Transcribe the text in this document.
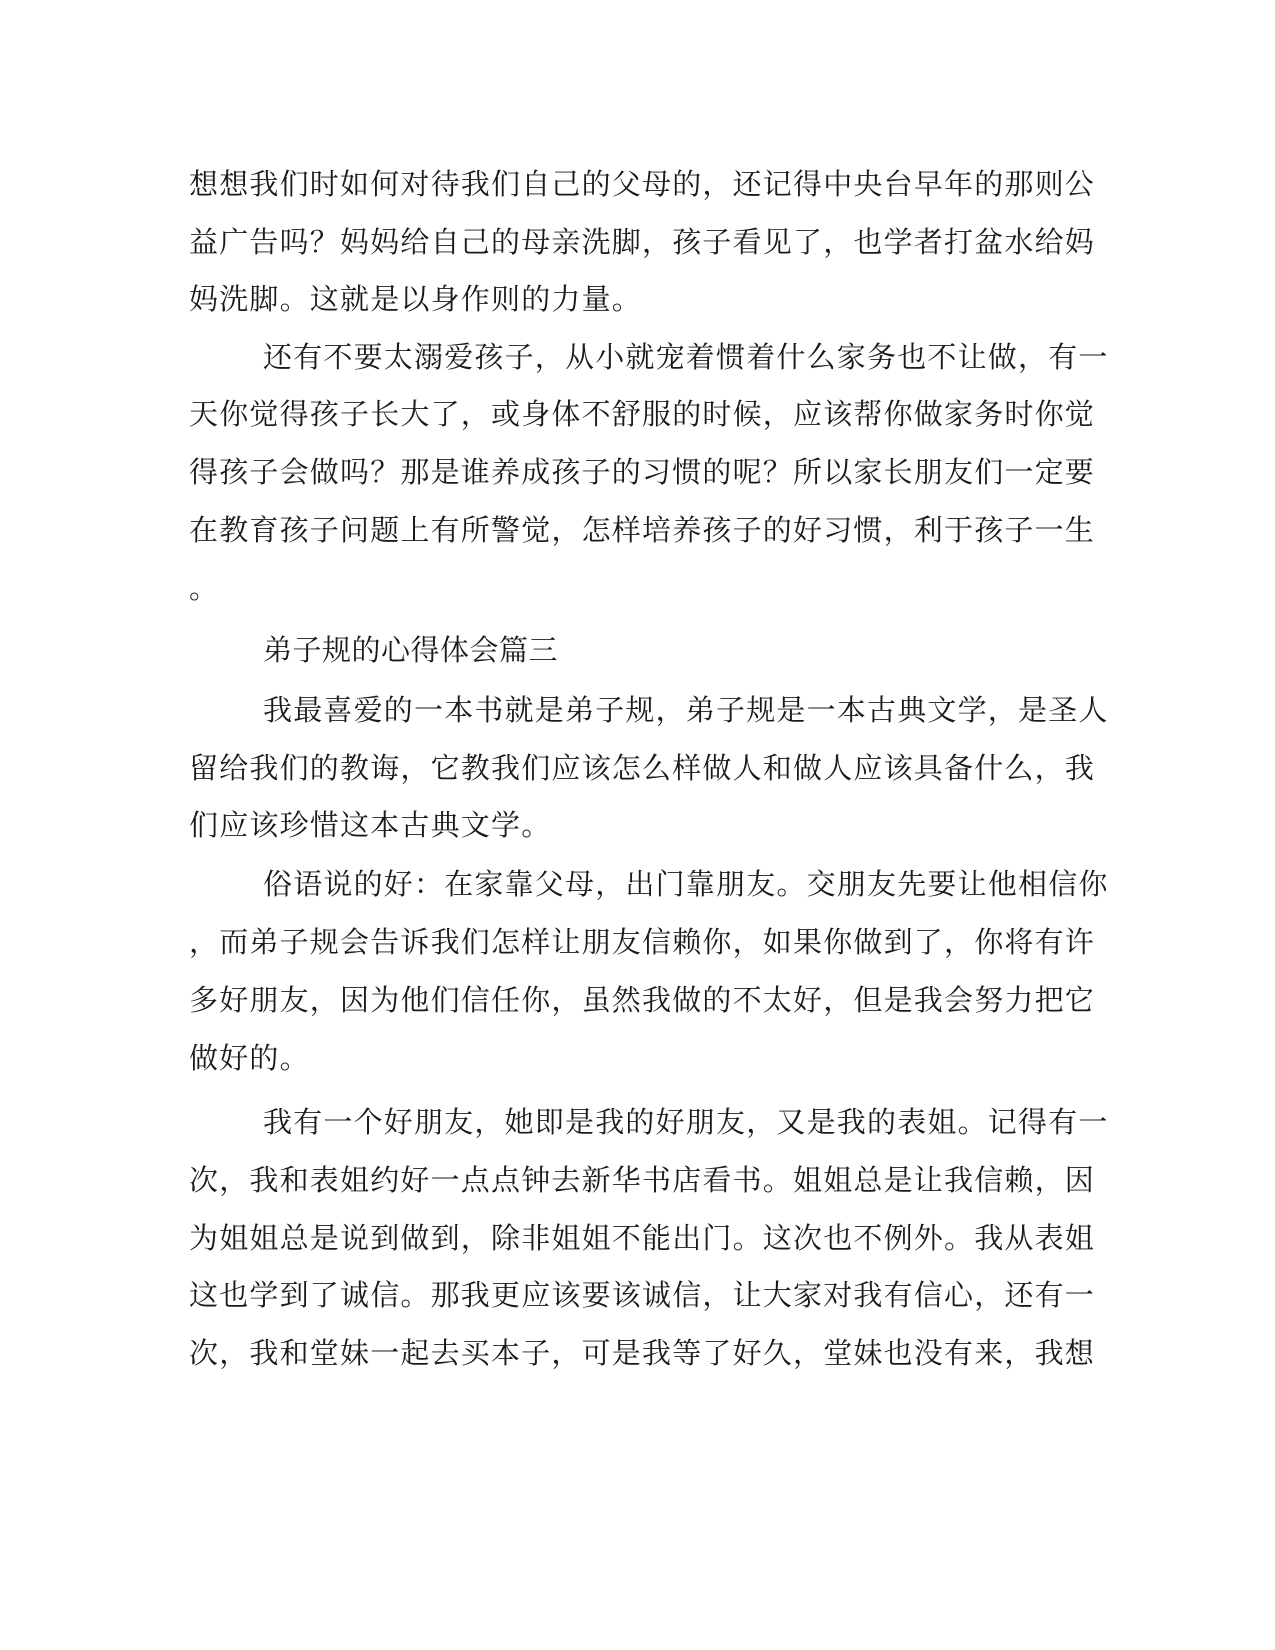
想想我们时如何对待我们自己的父母的，还记得中央台早年的那则公
益广告吗？妈妈给自己的母亲洗脚，孩子看见了，也学者打盆水给妈
妈洗脚。这就是以身作则的力量。
还有不要太溺爱孩子，从小就宠着惯着什么家务也不让做，有一
天你觉得孩子长大了，或身体不舒服的时候，应该帮你做家务时你觉
得孩子会做吗？那是谁养成孩子的习惯的呢？所以家长朋友们一定要
在教育孩子问题上有所警觉，怎样培养孩子的好习惯，利于孩子一生
。
弟子规的心得体会篇三
我最喜爱的一本书就是弟子规，弟子规是一本古典文学，是圣人
留给我们的教诲，它教我们应该怎么样做人和做人应该具备什么，我
们应该珍惜这本古典文学。
俗语说的好：在家靠父母，出门靠朋友。交朋友先要让他相信你
，而弟子规会告诉我们怎样让朋友信赖你，如果你做到了，你将有许
多好朋友，因为他们信任你，虽然我做的不太好，但是我会努力把它
做好的。
我有一个好朋友，她即是我的好朋友，又是我的表姐。记得有一
次，我和表姐约好一点点钟去新华书店看书。姐姐总是让我信赖，因
为姐姐总是说到做到，除非姐姐不能出门。这次也不例外。我从表姐
这也学到了诚信。那我更应该要该诚信，让大家对我有信心，还有一
次，我和堂妹一起去买本子，可是我等了好久，堂妹也没有来，我想
